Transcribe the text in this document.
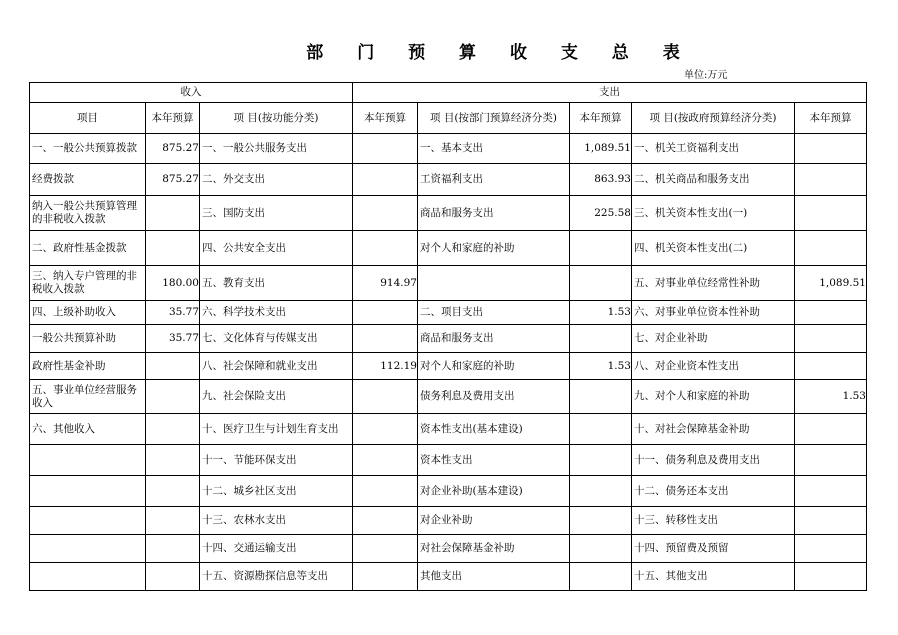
部 门 预 算 收 支 总 表
单位:万元
收入			支出				
项目	本年预算	项 目(按功能分类)	本年预算	项 目(按部门预算经济分类)	本年预算	项 目(按政府预算经济分类)	本年预算
一、一般公共预算拨款	875.27	一、一般公共服务支出		一、基本支出	1,089.51	一、机关工资福利支出	
经费拨款	875.27	二、外交支出		工资福利支出	863.93	二、机关商品和服务支出	
纳入一般公共预算管理的非税收入拨款		三、国防支出		商品和服务支出	225.58	三、机关资本性支出(一)	
二、政府性基金拨款		四、公共安全支出		对个人和家庭的补助		四、机关资本性支出(二)	
三、纳入专户管理的非税收入拨款	180.00	五、教育支出	914.97			五、对事业单位经常性补助	1,089.51
四、上级补助收入	35.77	六、科学技术支出		二、项目支出	1.53	六、对事业单位资本性补助	
一般公共预算补助	35.77	七、文化体育与传媒支出		商品和服务支出		七、对企业补助	
政府性基金补助		八、社会保障和就业支出	112.19	对个人和家庭的补助	1.53	八、对企业资本性支出	
五、事业单位经营服务收入		九、社会保险支出		债务利息及费用支出		九、对个人和家庭的补助	1.53
六、其他收入		十、医疗卫生与计划生育支出		资本性支出(基本建设)		十、对社会保障基金补助	
		十一、节能环保支出		资本性支出		十一、债务利息及费用支出	
		十二、城乡社区支出		对企业补助(基本建设)		十二、债务还本支出	
		十三、农林水支出		对企业补助		十三、转移性支出	
		十四、交通运输支出		对社会保障基金补助		十四、预留费及预留	
		十五、资源勘探信息等支出		其他支出		十五、其他支出	
